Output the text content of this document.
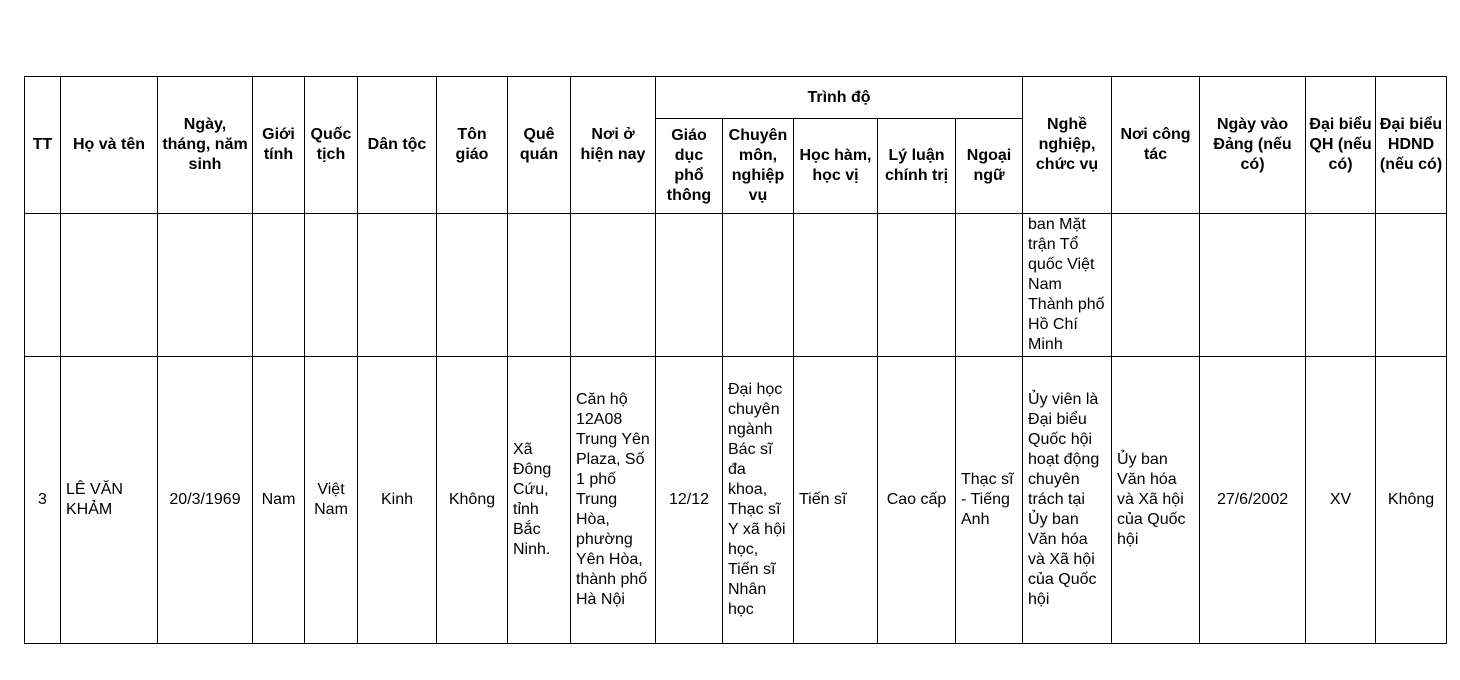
TT	Họ và tên	Ngày, tháng, năm sinh	Giới tính	Quốc tịch	Dân tộc	Tôn giáo	Quê quán	Nơi ở hiện nay	Trình độ					Nghề nghiệp, chức vụ	Nơi công tác	Ngày vào Đảng (nếu có)	Đại biểu QH (nếu có)	Đại biểu HDND (nếu có)
									Giáo dục phổ thông	Chuyên môn, nghiệp vụ	Học hàm, học vị	Lý luận chính trị	Ngoại ngữ					
														ban Mặt trận Tổ quốc Việt Nam Thành phố Hồ Chí Minh				
3	LÊ VĂN KHẢM	20/3/1969	Nam	Việt Nam	Kinh	Không	Xã Đông Cứu, tỉnh Bắc Ninh.	Căn hộ 12A08 Trung Yên Plaza, Số 1 phố Trung Hòa, phường Yên Hòa, thành phố Hà Nội	12/12	Đại học chuyên ngành Bác sĩ đa khoa, Thạc sĩ Y xã hội học, Tiến sĩ Nhân học	Tiến sĩ	Cao cấp	Thạc sĩ - Tiếng Anh	Ủy viên là Đại biểu Quốc hội hoạt động chuyên trách tại Ủy ban Văn hóa và Xã hội của Quốc hội	Ủy ban Văn hóa và Xã hội của Quốc hội	27/6/2002	XV	Không
